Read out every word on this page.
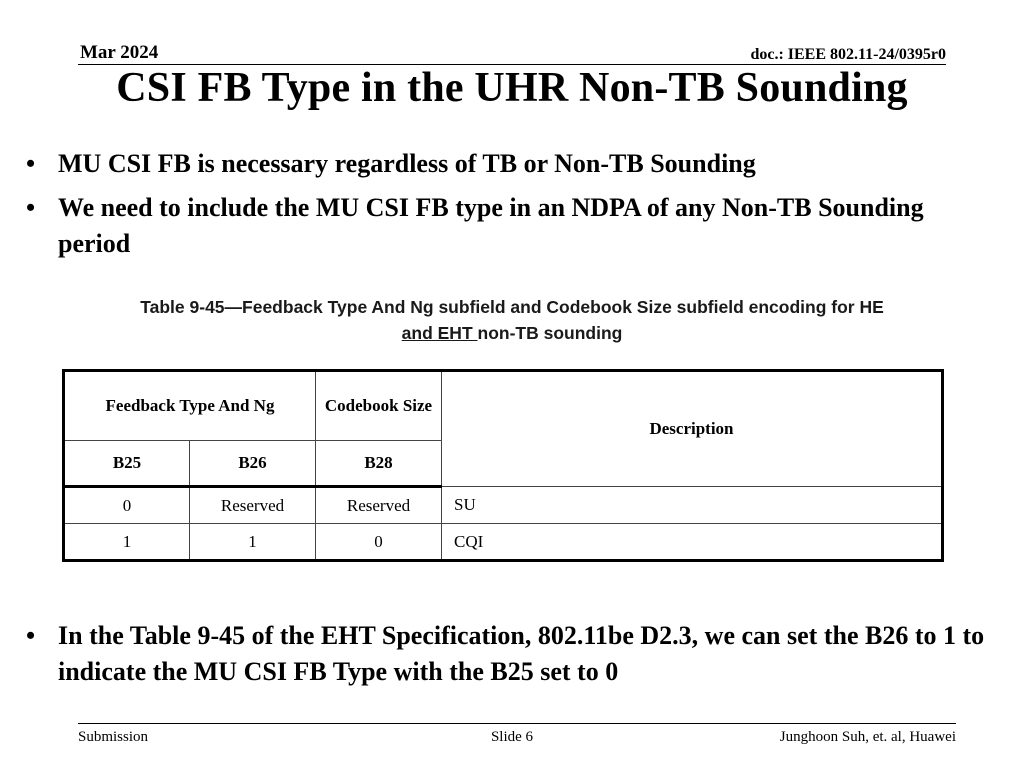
Mar 2024	doc.: IEEE 802.11-24/0395r0
CSI FB Type in the UHR Non-TB Sounding
• MU CSI FB is necessary regardless of TB or Non-TB Sounding
• We need to include the MU CSI FB type in an NDPA of any Non-TB Sounding period
Table 9-45—Feedback Type And Ng subfield and Codebook Size subfield encoding for HE
and EHT non-TB sounding
Feedback Type And Ng		Codebook Size	Description
B25	B26	B28	
0	Reserved	Reserved	SU
1	1	0	CQI
• In the Table 9-45 of the EHT Specification, 802.11be D2.3, we can set the B26 to 1 to indicate the MU CSI FB Type with the B25 set to 0
Submission	Slide 6	Junghoon Suh, et. al, Huawei
